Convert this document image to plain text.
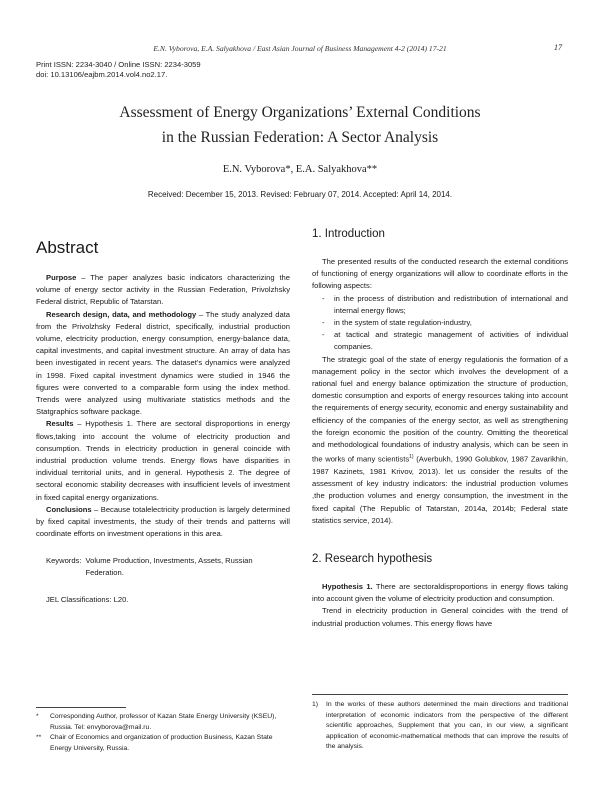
E.N. Vyborova, E.A. Salyakhova / East Asian Journal of Business Management 4-2 (2014) 17-21	17
Print ISSN: 2234-3040 / Online ISSN: 2234-3059
doi: 10.13106/eajbm.2014.vol4.no2.17.
Assessment of Energy Organizations’ External Conditions
in the Russian Federation: A Sector Analysis
E.N. Vyborova*, E.A. Salyakhova**
Received: December 15, 2013. Revised: February 07, 2014. Accepted: April 14, 2014.
Abstract

Purpose – The paper analyzes basic indicators characterizing the volume of energy sector activity in the Russian Federation, Privolzhsky Federal district, Republic of Tatarstan.

Research design, data, and methodology – The study analyzed data from the Privolzhsky Federal district, specifically, industrial production volume, electricity production, energy consumption, energy-balance data, capital investments, and capital investment structure. An array of data has been investigated in recent years. The dataset's dynamics were analyzed in 1998. Fixed capital investment dynamics were studied in 1946 the figures were converted to a comparable form using the index method. Trends were analyzed using multivariate statistics methods and the Statgraphics software package.

Results – Hypothesis 1. There are sectoral disproportions in energy flows,taking into account the volume of electricity production and consumption. Trends in electricity production in general coincide with industrial production volume trends. Energy flows have disparities in individual territorial units, and in general. Hypothesis 2. The degree of sectoral economic stability decreases with insufficient levels of investment in fixed capital energy organizations.

Conclusions – Because totalelectricity production is largely determined by fixed capital investments, the study of their trends and patterns will coordinate efforts on investment operations in this area.

Keywords: Volume Production, Investments, Assets, Russian Federation.
JEL Classifications: L20.
*	Corresponding Author, professor of Kazan State Energy University (KSEU), Russia. Tel: envyborova@mail.ru.
**	Chair of Economics and organization of production Business, Kazan State Energy University, Russia.
1. Introduction

The presented results of the conducted research the external conditions of functioning of energy organizations will allow to coordinate efforts in the following aspects:

- in the process of distribution and redistribution of international and internal energy flows;
- in the system of state regulation-industry,
- at tactical and strategic management of activities of individual companies.

The strategic goal of the state of energy regulationis the formation of a management policy in the sector which involves the development of a rational fuel and energy balance optimization the structure of production, domestic consumption and exports of energy resources taking into account the requirements of energy security, economic and energy sustainability and efficiency of the companies of the energy sector, as well as strengthening the foreign economic the position of the country. Omitting the theoretical and methodological foundations of industry analysis, which can be seen in the works of many scientists$^{1)}$ (Averbukh, 1990 Golubkov, 1987 Zavarikhin, 1987 Kazinets, 1981 Krivov, 2013). let us consider the results of the assessment of key industry indicators: the industrial production volumes ,the production volumes and energy consumption, the investment in the fixed capital (The Republic of Tatarstan, 2014a, 2014b; Federal state statistics service, 2014).

2. Research hypothesis

Hypothesis 1. There are sectoraldisproportions in energy flows taking into account given the volume of electricity production and consumption.

Trend in electricity production in General coincides with the trend of industrial production volumes. This energy flows have

1)	In the works of these authors determined the main directions and traditional interpretation of economic indicators from the perspective of the different scientific approaches, Supplement that you can, in our view, a significant application of economic-mathematical methods that can improve the results of the analysis.
